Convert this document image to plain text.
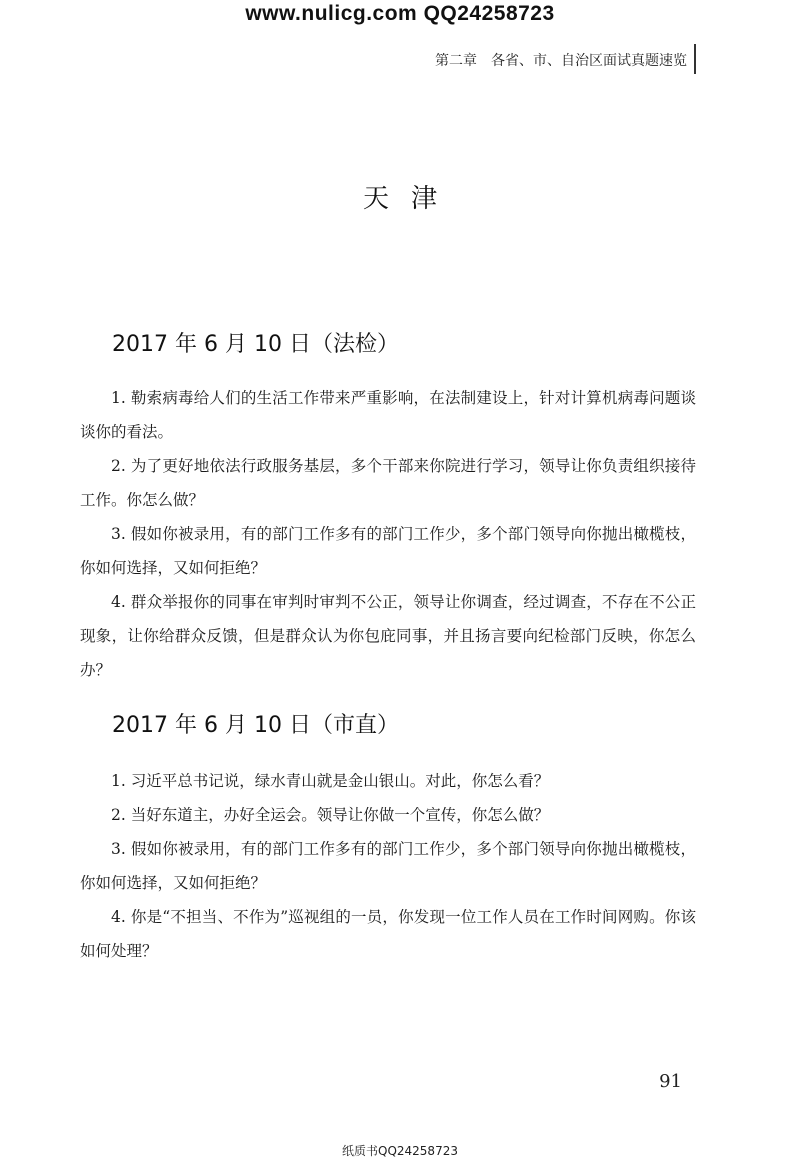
www.nulicg.com QQ24258723
第二章　各省、市、自治区面试真题速览
天津
2017 年 6 月 10 日（法检）

1. 勒索病毒给人们的生活工作带来严重影响，在法制建设上，针对计算机病毒问题谈谈你的看法。

2. 为了更好地依法行政服务基层，多个干部来你院进行学习，领导让你负责组织接待工作。你怎么做？

3. 假如你被录用，有的部门工作多有的部门工作少，多个部门领导向你抛出橄榄枝，你如何选择，又如何拒绝？

4. 群众举报你的同事在审判时审判不公正，领导让你调查，经过调查，不存在不公正现象，让你给群众反馈，但是群众认为你包庇同事，并且扬言要向纪检部门反映，你怎么办？

2017 年 6 月 10 日（市直）

1. 习近平总书记说，绿水青山就是金山银山。对此，你怎么看？

2. 当好东道主，办好全运会。领导让你做一个宣传，你怎么做？

3. 假如你被录用，有的部门工作多有的部门工作少，多个部门领导向你抛出橄榄枝，你如何选择，又如何拒绝？

4. 你是“不担当、不作为”巡视组的一员，你发现一位工作人员在工作时间网购。你该如何处理？

91
纸质书QQ24258723
